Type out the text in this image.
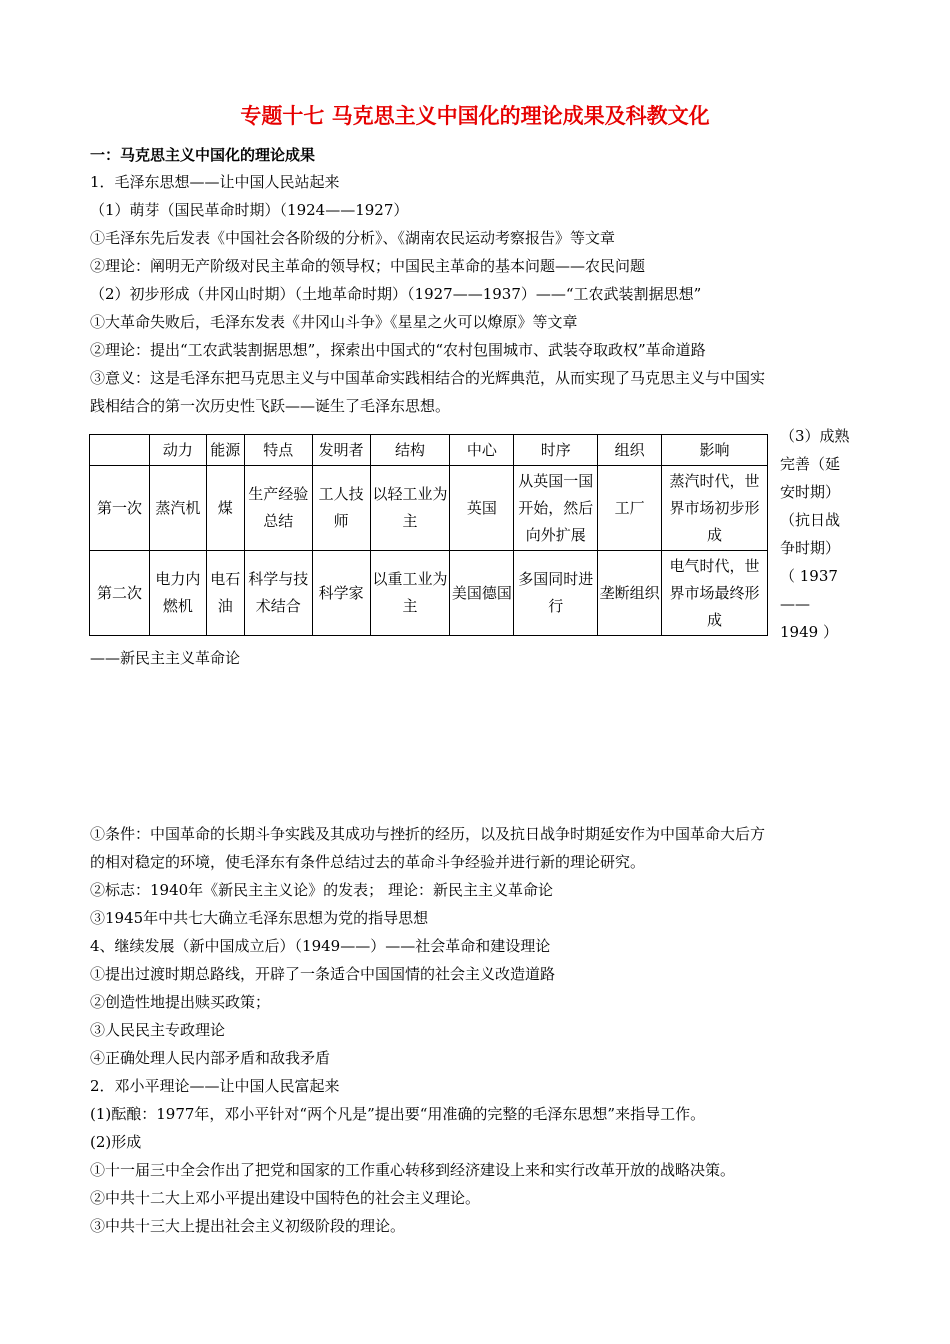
专题十七 马克思主义中国化的理论成果及科教文化
一：马克思主义中国化的理论成果
1．毛泽东思想——让中国人民站起来
（1）萌芽（国民革命时期）（1924——1927）
①毛泽东先后发表《中国社会各阶级的分析》、《湖南农民运动考察报告》等文章
②理论：阐明无产阶级对民主革命的领导权；中国民主革命的基本问题——农民问题
（2）初步形成（井冈山时期）（土地革命时期）（1927——1937）——“工农武装割据思想”
①大革命失败后，毛泽东发表《井冈山斗争》《星星之火可以燎原》等文章
②理论：提出“工农武装割据思想”，探索出中国式的“农村包围城市、武装夺取政权”革命道路
③意义：这是毛泽东把马克思主义与中国革命实践相结合的光辉典范，从而实现了马克思主义与中国实
践相结合的第一次历史性飞跃——诞生了毛泽东思想。
	动力	能源	特点	发明者	结构	中心	时序	组织	影响
第一次	蒸汽机	煤	生产经验总结	工人技师	以轻工业为主	英国	从英国一国开始，然后向外扩展	工厂	蒸汽时代，世界市场初步形成
第二次	电力内燃机	电石油	科学与技术结合	科学家	以重工业为主	美国德国	多国同时进行	垄断组织	电气时代，世界市场最终形成
（3）成熟
完善（延
安时期）
（抗日战
争时期）
（ 1937
——
1949 ）
——新民主主义革命论
①条件：中国革命的长期斗争实践及其成功与挫折的经历，以及抗日战争时期延安作为中国革命大后方
的相对稳定的环境，使毛泽东有条件总结过去的革命斗争经验并进行新的理论研究。
②标志：1940年《新民主主义论》的发表； 理论：新民主主义革命论
③1945年中共七大确立毛泽东思想为党的指导思想
4、继续发展（新中国成立后）（1949——）——社会革命和建设理论
①提出过渡时期总路线，开辟了一条适合中国国情的社会主义改造道路
②创造性地提出赎买政策；
③人民民主专政理论
④正确处理人民内部矛盾和敌我矛盾
2．邓小平理论——让中国人民富起来
(1)酝酿：1977年，邓小平针对“两个凡是”提出要“用准确的完整的毛泽东思想”来指导工作。
(2)形成
①十一届三中全会作出了把党和国家的工作重心转移到经济建设上来和实行改革开放的战略决策。
②中共十二大上邓小平提出建设中国特色的社会主义理论。
③中共十三大上提出社会主义初级阶段的理论。
